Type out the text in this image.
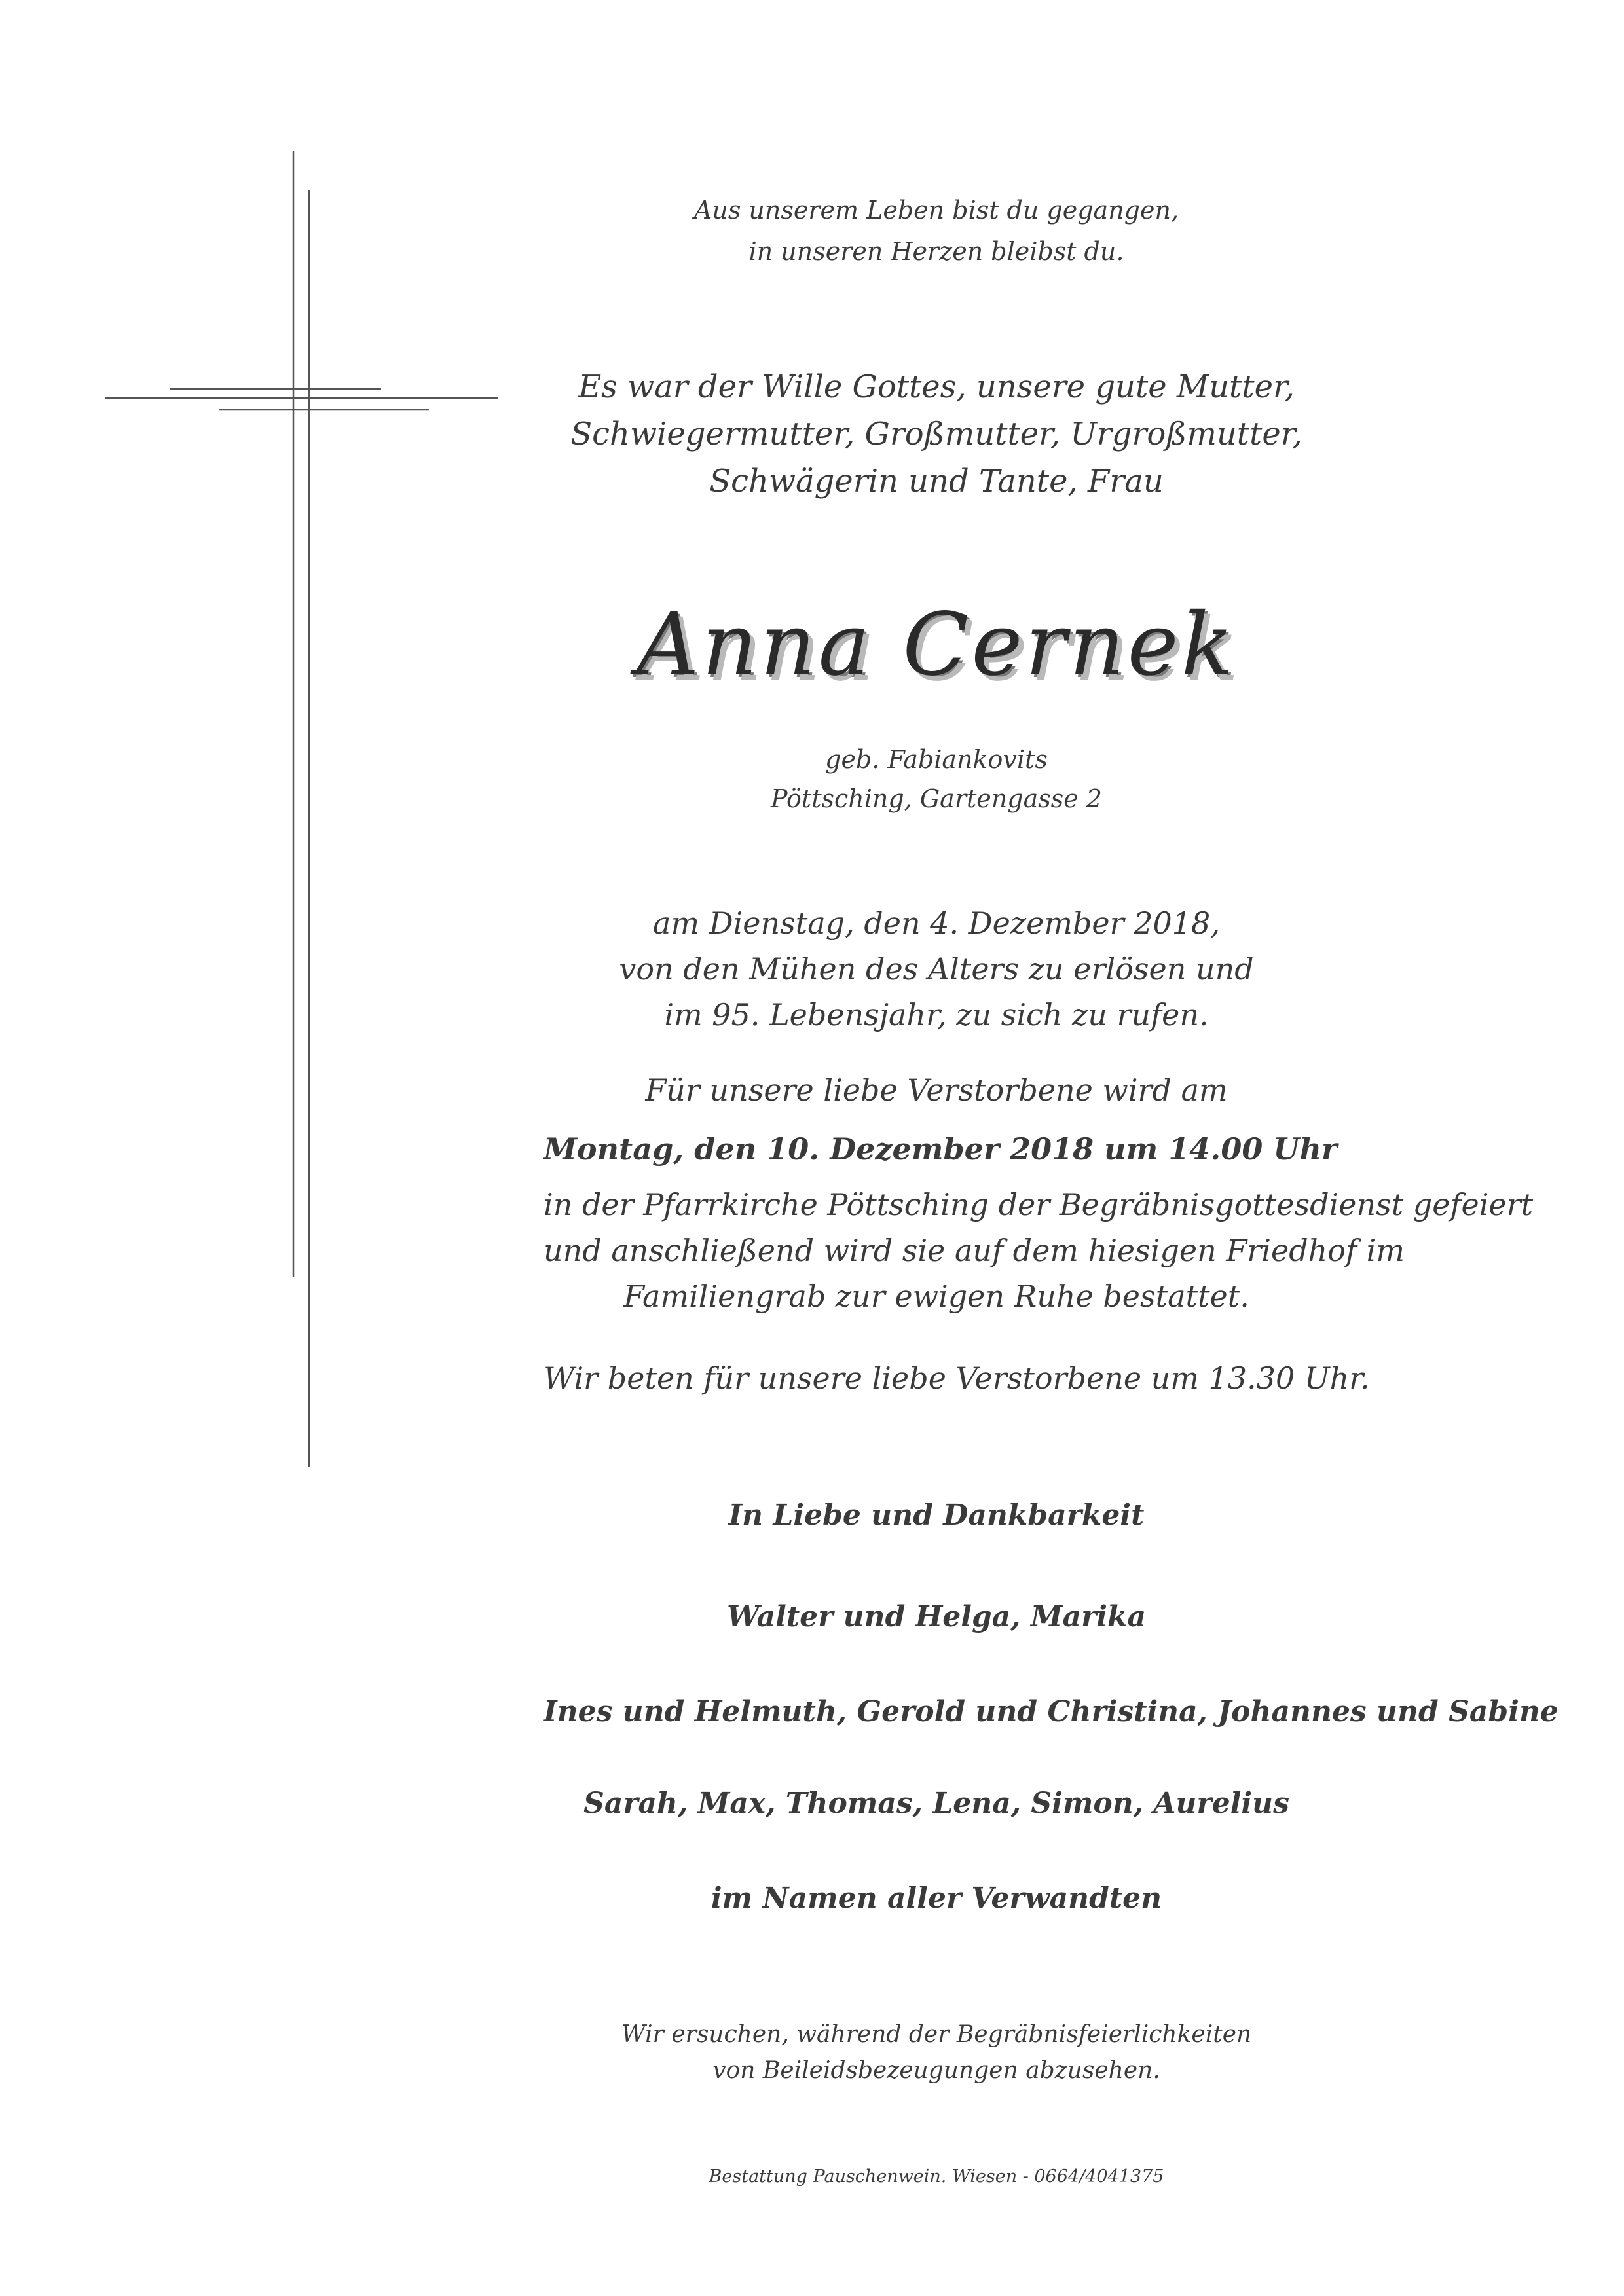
Aus unserem Leben bist du gegangen,
in unseren Herzen bleibst du.
Es war der Wille Gottes, unsere gute Mutter,
Schwiegermutter, Großmutter, Urgroßmutter,
Schwägerin und Tante, Frau
Anna Cernek
geb. Fabiankovits
Pöttsching, Gartengasse 2
am Dienstag, den 4. Dezember 2018,
von den Mühen des Alters zu erlösen und
im 95. Lebensjahr, zu sich zu rufen.
Für unsere liebe Verstorbene wird am
Montag, den 10. Dezember 2018 um 14.00 Uhr
in der Pfarrkirche Pöttsching der Begräbnisgottesdienst gefeiert
und anschließend wird sie auf dem hiesigen Friedhof im
Familiengrab zur ewigen Ruhe bestattet.
Wir beten für unsere liebe Verstorbene um 13.30 Uhr.
In Liebe und Dankbarkeit
Walter und Helga, Marika
Ines und Helmuth, Gerold und Christina, Johannes und Sabine
Sarah, Max, Thomas, Lena, Simon, Aurelius
im Namen aller Verwandten
Wir ersuchen, während der Begräbnisfeierlichkeiten
von Beileidsbezeugungen abzusehen.
Bestattung Pauschenwein. Wiesen - 0664/4041375
